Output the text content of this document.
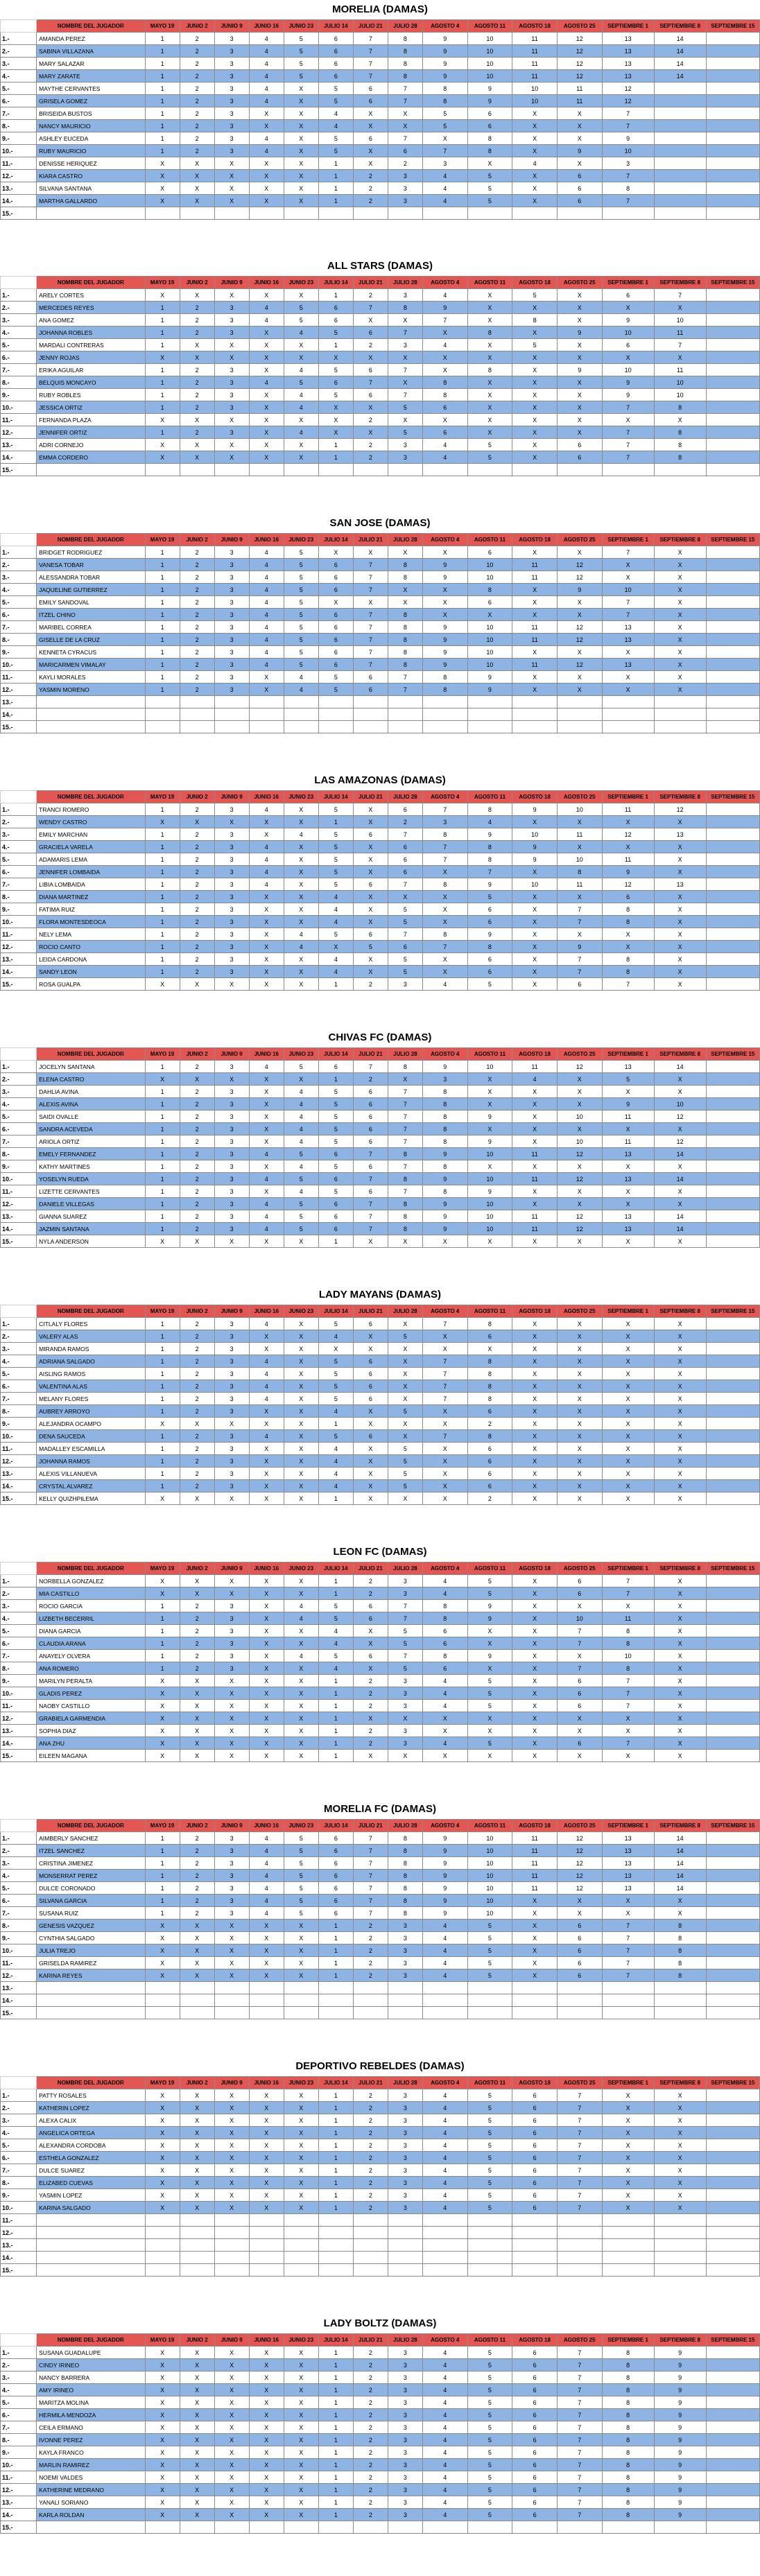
MORELIA (DAMAS)
	NOMBRE DEL JUGADOR	MAYO 19	JUNIO 2	JUNIO 9	JUNIO 16	JUNIO 23	JULIO 14	JULIO 21	JULIO 28	AGOSTO 4	AGOSTO 11	AGOSTO 18	AGOSTO 25	SEPTIEMBRE 1	SEPTIEMBRE 8	SEPTIEMBRE 15
1.-	AMANDA PEREZ	1	2	3	4	5	6	7	8	9	10	11	12	13	14	
2.-	SABINA VILLAZANA	1	2	3	4	5	6	7	8	9	10	11	12	13	14	
3.-	MARY SALAZAR	1	2	3	4	5	6	7	8	9	10	11	12	13	14	
4.-	MARY ZARATE	1	2	3	4	5	6	7	8	9	10	11	12	13	14	
5.-	MAYTHE CERVANTES	1	2	3	4	X	5	6	7	8	9	10	11	12		
6.-	GRISELA GOMEZ	1	2	3	4	X	5	6	7	8	9	10	11	12		
7.-	BRISEIDA BUSTOS	1	2	3	X	X	4	X	X	5	6	X	X	7		
8.-	NANCY MAURICIO	1	2	3	X	X	4	X	X	5	6	X	X	7		
9.-	ASHLEY EUCEDA	1	2	3	4	X	5	6	7	X	8	X	X	9		
10.-	RUBY MAURICIO	1	2	3	4	X	5	X	6	7	8	X	9	10		
11.-	DENISSE HERIQUEZ	X	X	X	X	X	1	X	2	3	X	4	X	3		
12.-	KIARA CASTRO	X	X	X	X	X	1	2	3	4	5	X	6	7		
13.-	SILVANA SANTANA	X	X	X	X	X	1	2	3	4	5	X	6	8		
14.-	MARTHA GALLARDO	X	X	X	X	X	1	2	3	4	5	X	6	7		
15.-																
ALL STARS (DAMAS)
	NOMBRE DEL JUGADOR	MAYO 19	JUNIO 2	JUNIO 9	JUNIO 16	JUNIO 23	JULIO 14	JULIO 21	JULIO 28	AGOSTO 4	AGOSTO 11	AGOSTO 18	AGOSTO 25	SEPTIEMBRE 1	SEPTIEMBRE 8	SEPTIEMBRE 15
1.-	ARELY CORTES	X	X	X	X	X	1	2	3	4	X	5	X	6	7	
2.-	MERCEDES REYES	1	2	3	4	5	6	7	8	9	X	X	X	X	X	
3.-	ANA GOMEZ	1	2	3	4	5	6	X	X	7	X	8	X	9	10	
4.-	JOHANNA ROBLES	1	2	3	X	4	5	6	7	X	8	X	9	10	11	
5.-	MARDALI CONTRERAS	1	X	X	X	X	1	2	3	4	X	5	X	6	7	
6.-	JENNY ROJAS	X	X	X	X	X	X	X	X	X	X	X	X	X	X	
7.-	ERIKA AGUILAR	1	2	3	X	4	5	6	7	X	8	X	9	10	11	
8.-	BELQUIS MONCAYO	1	2	3	4	5	6	7	X	8	X	X	X	9	10	
9.-	RUBY ROBLES	1	2	3	X	4	5	6	7	8	X	X	X	9	10	
10.-	JESSICA ORTIZ	1	2	3	X	4	X	X	5	6	X	X	X	7	8	
11.-	FERNANDA PLAZA	X	X	X	X	X	X	2	X	X	X	X	X	X	X	
12.-	JENNIFER ORTIZ	1	2	3	X	4	X	X	5	6	X	X	X	7	8	
13.-	ADRI CORNEJO	X	X	X	X	X	1	2	3	4	5	X	6	7	8	
14.-	EMMA CORDERO	X	X	X	X	X	1	2	3	4	5	X	6	7	8	
15.-																
SAN JOSE (DAMAS)
	NOMBRE DEL JUGADOR	MAYO 19	JUNIO 2	JUNIO 9	JUNIO 16	JUNIO 23	JULIO 14	JULIO 21	JULIO 28	AGOSTO 4	AGOSTO 11	AGOSTO 18	AGOSTO 25	SEPTIEMBRE 1	SEPTIEMBRE 8	SEPTIEMBRE 15
1.-	BRIDGET RODRIGUEZ	1	2	3	4	5	X	X	X	X	6	X	X	7	X	
2.-	VANESA TOBAR	1	2	3	4	5	6	7	8	9	10	11	12	X	X	
3.-	ALESSANDRA TOBAR	1	2	3	4	5	6	7	8	9	10	11	12	X	X	
4.-	JAQUELINE GUTIERREZ	1	2	3	4	5	6	7	X	X	8	X	9	10	X	
5.-	EMILY SANDOVAL	1	2	3	4	5	X	X	X	X	6	X	X	7	X	
6.-	ITZEL CHINO	1	2	3	4	5	6	7	8	X	X	X	X	7	X	
7.-	MARIBEL CORREA	1	2	3	4	5	6	7	8	9	10	11	12	13	X	
8.-	GISELLE DE LA CRUZ	1	2	3	4	5	6	7	8	9	10	11	12	13	X	
9.-	KENNETA CYRACUS	1	2	3	4	5	6	7	8	9	10	X	X	X	X	
10.-	MARICARMEN VIMALAY	1	2	3	4	5	6	7	8	9	10	11	12	13	X	
11.-	KAYLI MORALES	1	2	3	X	4	5	6	7	8	9	X	X	X	X	
12.-	YASMIN MORENO	1	2	3	X	4	5	6	7	8	9	X	X	X	X	
13.-																
14.-																
15.-																
LAS AMAZONAS (DAMAS)
	NOMBRE DEL JUGADOR	MAYO 19	JUNIO 2	JUNIO 9	JUNIO 16	JUNIO 23	JULIO 14	JULIO 21	JULIO 28	AGOSTO 4	AGOSTO 11	AGOSTO 18	AGOSTO 25	SEPTIEMBRE 1	SEPTIEMBRE 8	SEPTIEMBRE 15
1.-	TRANCI ROMERO	1	2	3	4	X	5	X	6	7	8	9	10	11	12	
2.-	WENDY CASTRO	X	X	X	X	X	1	X	2	3	4	X	X	X	X	
3.-	EMILY MARCHAN	1	2	3	X	4	5	6	7	8	9	10	11	12	13	
4.-	GRACIELA VARELA	1	2	3	4	X	5	X	6	7	8	9	X	X	X	
5.-	ADAMARIS LEMA	1	2	3	4	X	5	X	6	7	8	9	10	11	X	
6.-	JENNIFER LOMBAIDA	1	2	3	4	X	5	X	6	X	7	X	8	9	X	
7.-	LIBIA LOMBAIDA	1	2	3	4	X	5	6	7	8	9	10	11	12	13	
8.-	DIANA MARTINEZ	1	2	3	X	X	4	X	X	X	5	X	X	6	X	
9.-	FATIMA RUIZ	1	2	3	X	X	4	X	5	X	6	X	7	8	X	
10.-	FLORA MONTESDEOCA	1	2	3	X	X	4	X	5	X	6	X	7	8	X	
11.-	NELY LEMA	1	2	3	X	4	5	6	7	8	9	X	X	X	X	
12.-	ROCIO CANTO	1	2	3	X	4	X	5	6	7	8	X	9	X	X	
13.-	LEIDA CARDONA	1	2	3	X	X	4	X	5	X	6	X	7	8	X	
14.-	SANDY LEON	1	2	3	X	X	4	X	5	X	6	X	7	8	X	
15.-	ROSA GUALPA	X	X	X	X	X	1	2	3	4	5	X	6	7	X	
CHIVAS FC (DAMAS)
	NOMBRE DEL JUGADOR	MAYO 19	JUNIO 2	JUNIO 9	JUNIO 16	JUNIO 23	JULIO 14	JULIO 21	JULIO 28	AGOSTO 4	AGOSTO 11	AGOSTO 18	AGOSTO 25	SEPTIEMBRE 1	SEPTIEMBRE 8	SEPTIEMBRE 15
1.-	JOCELYN SANTANA	1	2	3	4	5	6	7	8	9	10	11	12	13	14	
2.-	ELENA CASTRO	X	X	X	X	X	1	2	X	3	X	4	X	5	X	
3.-	DAHLIA AVINA	1	2	3	X	4	5	6	7	8	X	X	X	X	X	
4.-	ALEXIS AVINA	1	2	3	X	4	5	6	7	8	X	X	X	9	10	
5.-	SAIDI OVALLE	1	2	3	X	4	5	6	7	8	9	X	10	11	12	
6.-	SANDRA ACEVEDA	1	2	3	X	4	5	6	7	8	X	X	X	X	X	
7.-	ARIOLA ORTIZ	1	2	3	X	4	5	6	7	8	9	X	10	11	12	
8.-	EMELY FERNANDEZ	1	2	3	4	5	6	7	8	9	10	11	12	13	14	
9.-	KATHY MARTINES	1	2	3	X	4	5	6	7	8	X	X	X	X	X	
10.-	YOSELYN RUEDA	1	2	3	4	5	6	7	8	9	10	11	12	13	14	
11.-	LIZETTE CERVANTES	1	2	3	X	4	5	6	7	8	9	X	X	X	X	
12.-	DANIELE VILLEGAS	1	2	3	4	5	6	7	8	9	10	X	X	X	X	
13.-	GIANNA SUAREZ	1	2	3	4	5	6	7	8	9	10	11	12	13	14	
14.-	JAZMIN SANTANA	1	2	3	4	5	6	7	8	9	10	11	12	13	14	
15.-	NYLA ANDERSON	X	X	X	X	X	1	X	X	X	X	X	X	X	X	
LADY MAYANS (DAMAS)
	NOMBRE DEL JUGADOR	MAYO 19	JUNIO 2	JUNIO 9	JUNIO 16	JUNIO 23	JULIO 14	JULIO 21	JULIO 28	AGOSTO 4	AGOSTO 11	AGOSTO 18	AGOSTO 25	SEPTIEMBRE 1	SEPTIEMBRE 8	SEPTIEMBRE 15
1.-	CITLALY FLORES	1	2	3	4	X	5	6	X	7	8	X	X	X	X	
2.-	VALERY ALAS	1	2	3	X	X	4	X	5	X	6	X	X	X	X	
3.-	MIRANDA RAMOS	1	2	3	X	X	X	X	X	X	X	X	X	X	X	
4.-	ADRIANA SALGADO	1	2	3	4	X	5	6	X	7	8	X	X	X	X	
5.-	AISLING RAMOS	1	2	3	4	X	5	6	X	7	8	X	X	X	X	
6.-	VALENTINA ALAS	1	2	3	4	X	5	6	X	7	8	X	X	X	X	
7.-	MELANY FLORES	1	2	3	4	X	5	6	X	7	8	X	X	X	X	
8.-	AUBREY ARROYO	1	2	3	X	X	4	X	5	X	6	X	X	X	X	
9.-	ALEJANDRA OCAMPO	X	X	X	X	X	1	X	X	X	2	X	X	X	X	
10.-	DENA SAUCEDA	1	2	3	4	X	5	6	X	7	8	X	X	X	X	
11.-	MADALLEY ESCAMILLA	1	2	3	X	X	4	X	5	X	6	X	X	X	X	
12.-	JOHANNA RAMOS	1	2	3	X	X	4	X	5	X	6	X	X	X	X	
13.-	ALEXIS VILLANUEVA	1	2	3	X	X	4	X	5	X	6	X	X	X	X	
14.-	CRYSTAL ALVAREZ	1	2	3	X	X	4	X	5	X	6	X	X	X	X	
15.-	KELLY QUIZHPILEMA	X	X	X	X	X	1	X	X	X	2	X	X	X	X	
LEON FC (DAMAS)
	NOMBRE DEL JUGADOR	MAYO 19	JUNIO 2	JUNIO 9	JUNIO 16	JUNIO 23	JULIO 14	JULIO 21	JULIO 28	AGOSTO 4	AGOSTO 11	AGOSTO 18	AGOSTO 25	SEPTIEMBRE 1	SEPTIEMBRE 8	SEPTIEMBRE 15
1.-	NORBELLA GONZALEZ	X	X	X	X	X	1	2	3	4	5	X	6	7	X	
2.-	MIA CASTILLO	X	X	X	X	X	1	2	3	4	5	X	6	7	X	
3.-	ROCIO GARCIA	1	2	3	X	4	5	6	7	8	9	X	X	X	X	
4.-	LIZBETH BECERRIL	1	2	3	X	4	5	6	7	8	9	X	10	11	X	
5.-	DIANA GARCIA	1	2	3	X	X	4	X	5	6	X	X	7	8	X	
6.-	CLAUDIA ARANA	1	2	3	X	X	4	X	5	6	X	X	7	8	X	
7.-	ANAYELY OLVERA	1	2	3	X	4	5	6	7	8	9	X	X	10	X	
8.-	ANA ROMERO	1	2	3	X	X	4	X	5	6	X	X	7	8	X	
9.-	MARILYN PERALTA	X	X	X	X	X	1	2	3	4	5	X	6	7	X	
10.-	GLADIS PEREZ	X	X	X	X	X	1	2	3	4	5	X	6	7	X	
11.-	NAOBY CASTILLO	X	X	X	X	X	1	2	3	4	5	X	6	7	X	
12.-	GRABIELA GARMENDIA	X	X	X	X	X	1	X	X	X	X	X	X	X	X	
13.-	SOPHIA DIAZ	X	X	X	X	X	1	2	3	X	X	X	X	X	X	
14.-	ANA ZHU	X	X	X	X	X	1	2	3	4	5	X	6	7	X	
15.-	EILEEN MAGANA	X	X	X	X	X	1	X	X	X	X	X	X	X	X	
MORELIA FC (DAMAS)
	NOMBRE DEL JUGADOR	MAYO 19	JUNIO 2	JUNIO 9	JUNIO 16	JUNIO 23	JULIO 14	JULIO 21	JULIO 28	AGOSTO 4	AGOSTO 11	AGOSTO 18	AGOSTO 25	SEPTIEMBRE 1	SEPTIEMBRE 8	SEPTIEMBRE 15
1.-	AIMBERLY SANCHEZ	1	2	3	4	5	6	7	8	9	10	11	12	13	14	
2.-	ITZEL SANCHEZ	1	2	3	4	5	6	7	8	9	10	11	12	13	14	
3.-	CRISTINA JIMENEZ	1	2	3	4	5	6	7	8	9	10	11	12	13	14	
4.-	MONSERRAT PEREZ	1	2	3	4	5	6	7	8	9	10	11	12	13	14	
5.-	DULCE CORONADO	1	2	3	4	5	6	7	8	9	10	11	12	13	14	
6.-	SILVANA GARCIA	1	2	3	4	5	6	7	8	9	10	X	X	X	X	
7.-	SUSANA RUIZ	1	2	3	4	5	6	7	8	9	10	X	X	X	X	
8.-	GENESIS VAZQUEZ	X	X	X	X	X	1	2	3	4	5	X	6	7	8	
9.-	CYNTHIA SALGADO	X	X	X	X	X	1	2	3	4	5	X	6	7	8	
10.-	JULIA TREJO	X	X	X	X	X	1	2	3	4	5	X	6	7	8	
11.-	GRISELDA RAMIREZ	X	X	X	X	X	1	2	3	4	5	X	6	7	8	
12.-	KARINA REYES	X	X	X	X	X	1	2	3	4	5	X	6	7	8	
13.-																
14.-																
15.-																
DEPORTIVO REBELDES (DAMAS)
	NOMBRE DEL JUGADOR	MAYO 19	JUNIO 2	JUNIO 9	JUNIO 16	JUNIO 23	JULIO 14	JULIO 21	JULIO 28	AGOSTO 4	AGOSTO 11	AGOSTO 18	AGOSTO 25	SEPTIEMBRE 1	SEPTIEMBRE 8	SEPTIEMBRE 15
1.-	PATTY ROSALES	X	X	X	X	X	1	2	3	4	5	6	7	X	X	
2.-	KATHERIN LOPEZ	X	X	X	X	X	1	2	3	4	5	6	7	X	X	
3.-	ALEXA CALIX	X	X	X	X	X	1	2	3	4	5	6	7	X	X	
4.-	ANGELICA ORTEGA	X	X	X	X	X	1	2	3	4	5	6	7	X	X	
5.-	ALEXANDRA CORDOBA	X	X	X	X	X	1	2	3	4	5	6	7	X	X	
6.-	ESTHELA GONZALEZ	X	X	X	X	X	1	2	3	4	5	6	7	X	X	
7.-	DULCE SUAREZ	X	X	X	X	X	1	2	3	4	5	6	7	X	X	
8.-	ELIZABED CUEVAS	X	X	X	X	X	1	2	3	4	5	6	7	X	X	
9.-	YASMIN LOPEZ	X	X	X	X	X	1	2	3	4	5	6	7	X	X	
10.-	KARINA SALGADO	X	X	X	X	X	1	2	3	4	5	6	7	X	X	
11.-																
12.-																
13.-																
14.-																
15.-																
LADY BOLTZ (DAMAS)
	NOMBRE DEL JUGADOR	MAYO 19	JUNIO 2	JUNIO 9	JUNIO 16	JUNIO 23	JULIO 14	JULIO 21	JULIO 28	AGOSTO 4	AGOSTO 11	AGOSTO 18	AGOSTO 25	SEPTIEMBRE 1	SEPTIEMBRE 8	SEPTIEMBRE 15
1.-	SUSANA GUADALUPE	X	X	X	X	X	1	2	3	4	5	6	7	8	9	
2.-	CINDY IRINEO	X	X	X	X	X	1	2	3	4	5	6	7	8	9	
3.-	NANCY BARRERA	X	X	X	X	X	1	2	3	4	5	6	7	8	9	
4.-	AMY IRINEO	X	X	X	X	X	1	2	3	4	5	6	7	8	9	
5.-	MARITZA MOLINA	X	X	X	X	X	1	2	3	4	5	6	7	8	9	
6.-	HERMILA MENDOZA	X	X	X	X	X	1	2	3	4	5	6	7	8	9	
7.-	CEILA ERMANO	X	X	X	X	X	1	2	3	4	5	6	7	8	9	
8.-	IVONNE PEREZ	X	X	X	X	X	1	2	3	4	5	6	7	8	9	
9.-	KAYLA FRANCO	X	X	X	X	X	1	2	3	4	5	6	7	8	9	
10.-	MARLIN RAMIREZ	X	X	X	X	X	1	2	3	4	5	6	7	8	9	
11.-	NOEMI VALDES	X	X	X	X	X	1	2	3	4	5	6	7	8	9	
12.-	KATHERINE MEDRANO	X	X	X	X	X	1	2	3	4	5	6	7	8	9	
13.-	YANALI SORIANO	X	X	X	X	X	1	2	3	4	5	6	7	8	9	
14.-	KARLA ROLDAN	X	X	X	X	X	1	2	3	4	5	6	7	8	9	
15.-																
